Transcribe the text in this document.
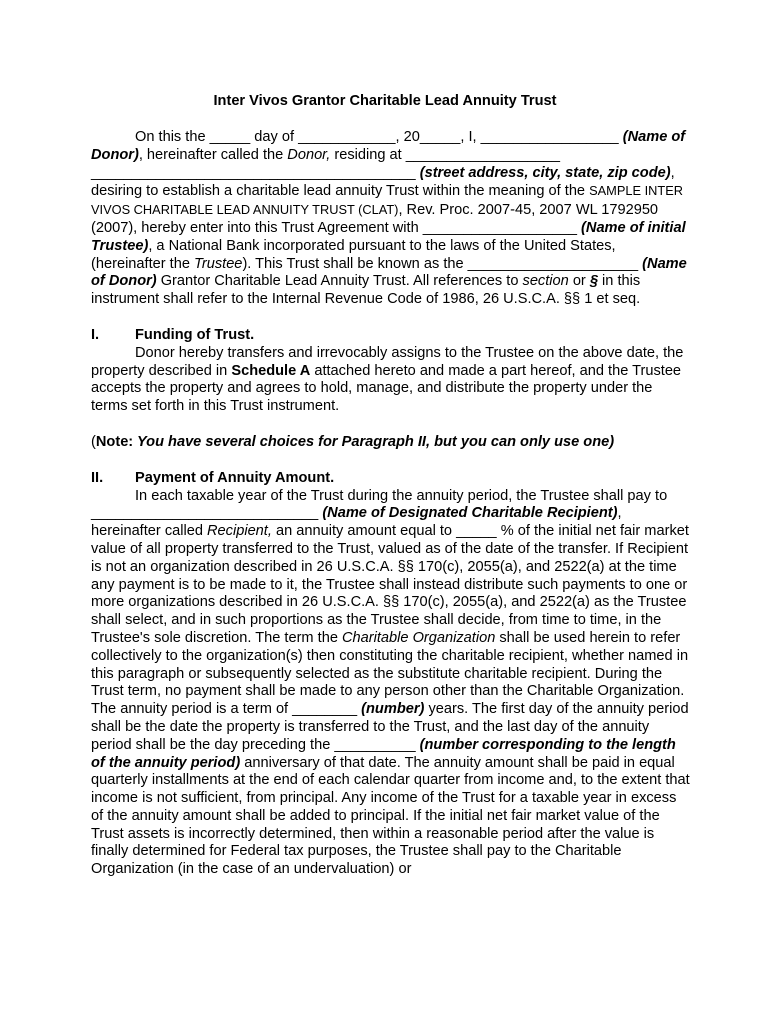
Inter Vivos Grantor Charitable Lead Annuity Trust

On this the _____ day of ____________, 20_____, I, _________________ (Name of Donor), hereinafter called the Donor, residing at ___________________ ________________________________________ (street address, city, state, zip code), desiring to establish a charitable lead annuity Trust within the meaning of the SAMPLE INTER VIVOS CHARITABLE LEAD ANNUITY TRUST (CLAT), Rev. Proc. 2007-45, 2007 WL 1792950 (2007), hereby enter into this Trust Agreement with ___________________ (Name of initial Trustee), a National Bank incorporated pursuant to the laws of the United States, (hereinafter the Trustee). This Trust shall be known as the _____________________ (Name of Donor) Grantor Charitable Lead Annuity Trust. All references to section or § in this instrument shall refer to the Internal Revenue Code of 1986, 26 U.S.C.A. §§ 1 et seq.

I. Funding of Trust.

Donor hereby transfers and irrevocably assigns to the Trustee on the above date, the property described in Schedule A attached hereto and made a part hereof, and the Trustee accepts the property and agrees to hold, manage, and distribute the property under the terms set forth in this Trust instrument.

(Note: You have several choices for Paragraph II, but you can only use one)

II. Payment of Annuity Amount.

In each taxable year of the Trust during the annuity period, the Trustee shall pay to ____________________________ (Name of Designated Charitable Recipient), hereinafter called Recipient, an annuity amount equal to _____ % of the initial net fair market value of all property transferred to the Trust, valued as of the date of the transfer. If Recipient is not an organization described in 26 U.S.C.A. §§ 170(c), 2055(a), and 2522(a) at the time any payment is to be made to it, the Trustee shall instead distribute such payments to one or more organizations described in 26 U.S.C.A. §§ 170(c), 2055(a), and 2522(a) as the Trustee shall select, and in such proportions as the Trustee shall decide, from time to time, in the Trustee's sole discretion. The term the Charitable Organization shall be used herein to refer collectively to the organization(s) then constituting the charitable recipient, whether named in this paragraph or subsequently selected as the substitute charitable recipient. During the Trust term, no payment shall be made to any person other than the Charitable Organization. The annuity period is a term of ________ (number) years. The first day of the annuity period shall be the date the property is transferred to the Trust, and the last day of the annuity period shall be the day preceding the __________ (number corresponding to the length of the annuity period) anniversary of that date. The annuity amount shall be paid in equal quarterly installments at the end of each calendar quarter from income and, to the extent that income is not sufficient, from principal. Any income of the Trust for a taxable year in excess of the annuity amount shall be added to principal. If the initial net fair market value of the Trust assets is incorrectly determined, then within a reasonable period after the value is finally determined for Federal tax purposes, the Trustee shall pay to the Charitable Organization (in the case of an undervaluation) or
